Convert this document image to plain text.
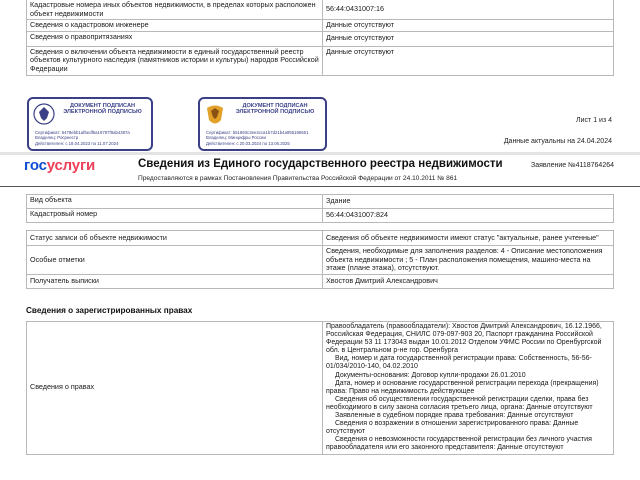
Кадастровые номера иных объектов недвижимости, в пределах которых расположен объект недвижимости	56:44:0431007:16
Сведения о кадастровом инженере	Данные отсутствуют
Сведения о правопритязаниях	Данные отсутствуют
Сведения о включении объекта недвижимости в единый государственный реестр объектов культурного наследия (памятников истории и культуры) народов Российской Федерации	Данные отсутствуют
ДОКУМЕНТ ПОДПИСАН ЭЛЕКТРОННОЙ ПОДПИСЬЮ
Сертификат: 6479ebb1af5edf6a18787f9ab4397a
Владелец: Росреестр
Действителен: с 18.04.2023 по 11.07.2024
ДОКУМЕНТ ПОДПИСАН ЭЛЕКТРОННОЙ ПОДПИСЬЮ
Сертификат: b51893c3ee4cca1b7d21b4a955195551
Владелец: Минцифры России
Действителен: с 20.03.2024 по 13.06.2025
Лист 1 из 4
Данные актуальны на 24.04.2024
госуслуги	Сведения из Единого государственного реестра недвижимости
Предоставляются в рамках Постановления Правительства Российской Федерации от 24.10.2011 № 861
Заявление №4118764264
Вид объекта	Здание
Кадастровый номер	56:44:0431007:824
Статус записи об объекте недвижимости	Сведения об объекте недвижимости имеют статус "актуальные, ранее учтенные"
Особые отметки	Сведения, необходимые для заполнения разделов: 4 - Описание местоположения объекта недвижимости ; 5 - План расположения помещения, машино-места на этаже (плане этажа), отсутствуют.
Получатель выписки	Хвостов Дмитрий Александрович
Сведения о зарегистрированных правах
Сведения о правах	Правообладатель (правообладатели): Хвостов Дмитрий Александрович, 16.12.1966, Российская Федерация, СНИЛС 079-097-903 20, Паспорт гражданина Российской Федерации 53 11 173043 выдан 10.01.2012 Отделом УФМС России по Оренбургской обл. в Центральном р-не гор. Оренбурга
Вид, номер и дата государственной регистрации права: Собственность, 56-56-01/034/2010-140, 04.02.2010
Документы-основания: Договор купли-продажи 26.01.2010
Дата, номер и основание государственной регистрации перехода (прекращения) права: Право на недвижимость действующее
Сведения об осуществлении государственной регистрации сделки, права без необходимого в силу закона согласия третьего лица, органа: Данные отсутствуют
Заявленные в судебном порядке права требования: Данные отсутствуют
Сведения о возражении в отношении зарегистрированного права: Данные отсутствуют
Сведения о невозможности государственной регистрации без личного участия правообладателя или его законного представителя: Данные отсутствуют
